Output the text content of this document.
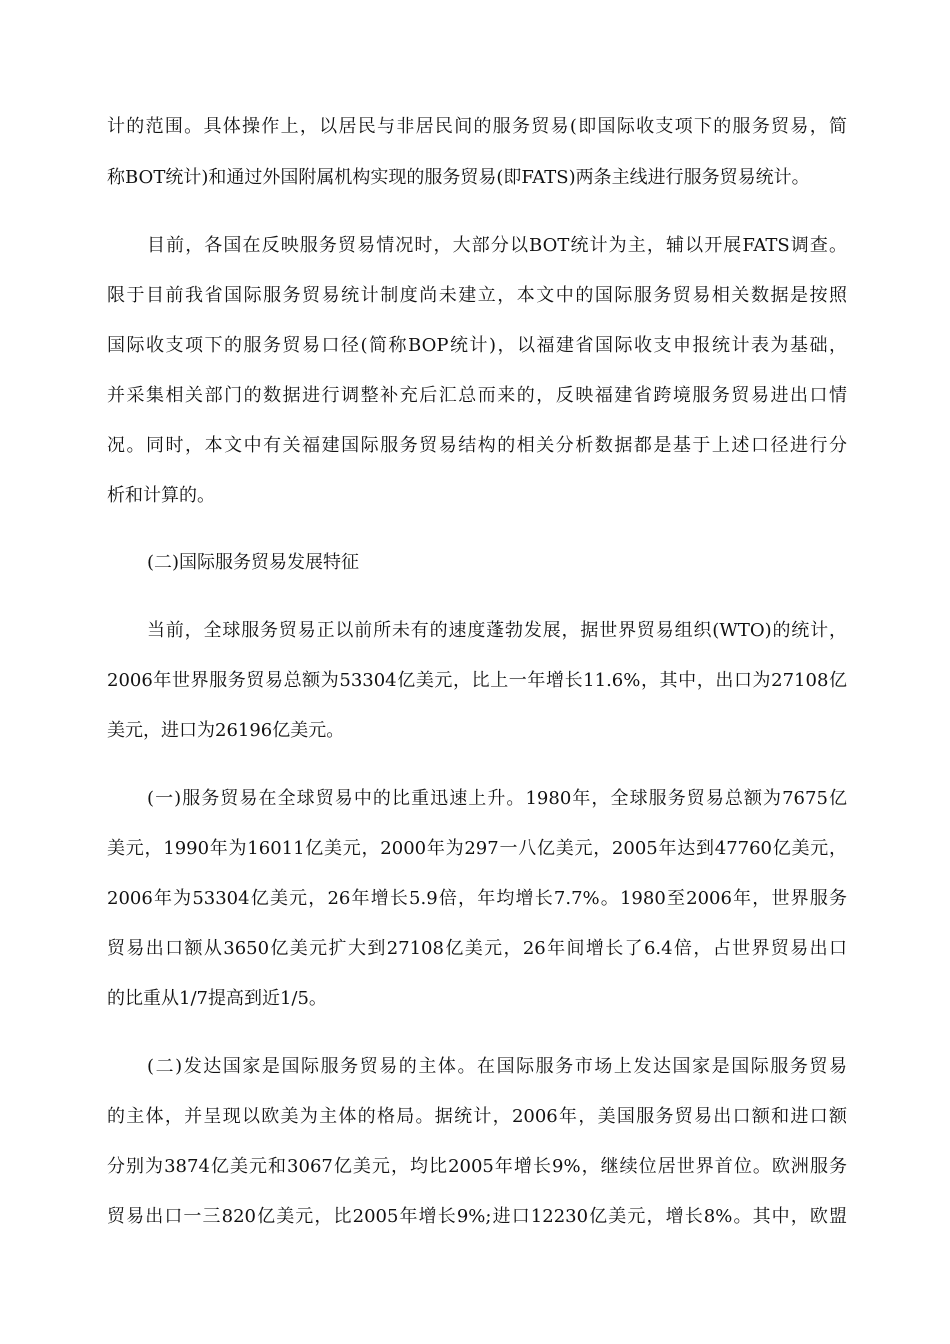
计的范围。具体操作上，以居民与非居民间的服务贸易(即国际收支项下的服务贸易，简
称BOT统计)和通过外国附属机构实现的服务贸易(即FATS)两条主线进行服务贸易统计。
目前，各国在反映服务贸易情况时，大部分以BOT统计为主，辅以开展FATS调查。
限于目前我省国际服务贸易统计制度尚未建立，本文中的国际服务贸易相关数据是按照
国际收支项下的服务贸易口径(简称BOP统计)，以福建省国际收支申报统计表为基础，
并采集相关部门的数据进行调整补充后汇总而来的，反映福建省跨境服务贸易进出口情
况。同时，本文中有关福建国际服务贸易结构的相关分析数据都是基于上述口径进行分
析和计算的。
(二)国际服务贸易发展特征
当前，全球服务贸易正以前所未有的速度蓬勃发展，据世界贸易组织(WTO)的统计，
2006年世界服务贸易总额为53304亿美元，比上一年增长11.6%，其中，出口为27108亿
美元，进口为26196亿美元。
(一)服务贸易在全球贸易中的比重迅速上升。1980年，全球服务贸易总额为7675亿
美元，1990年为16011亿美元，2000年为297一八亿美元，2005年达到47760亿美元，
2006年为53304亿美元，26年增长5.9倍，年均增长7.7%。1980至2006年，世界服务
贸易出口额从3650亿美元扩大到27108亿美元，26年间增长了6.4倍，占世界贸易出口
的比重从1/7提高到近1/5。
(二)发达国家是国际服务贸易的主体。在国际服务市场上发达国家是国际服务贸易
的主体，并呈现以欧美为主体的格局。据统计，2006年，美国服务贸易出口额和进口额
分别为3874亿美元和3067亿美元，均比2005年增长9%，继续位居世界首位。欧洲服务
贸易出口一三820亿美元，比2005年增长9%;进口12230亿美元，增长8%。其中，欧盟
